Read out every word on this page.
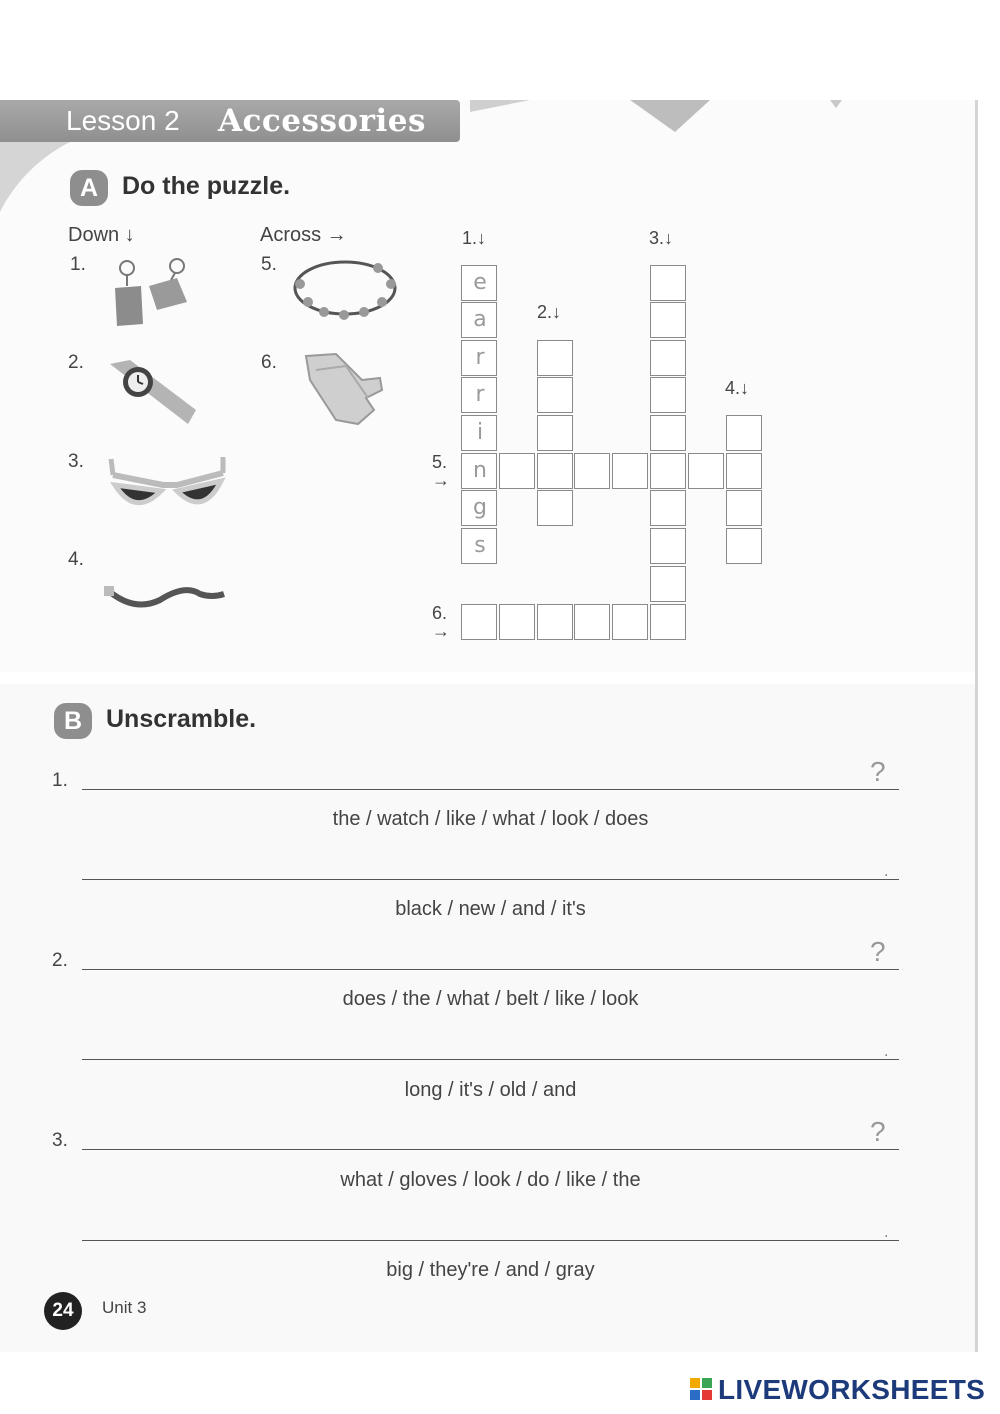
Lesson 2 Accessories
A Do the puzzle.
Down ↓	Across →
1.
2.
3.
4.
5.
6.
1.↓
2.↓
3.↓
4.↓
5.
→
6.
→
e
a
r
r
i
n
g
s
B Unscramble.
1.	?
the / watch / like / what / look / does
.
black / new / and / it's
2.	?
does / the / what / belt / like / look
.
long / it's / old / and
3.	?
what / gloves / look / do / like / the
.
big / they're / and / gray
24	Unit 3
LIVEWORKSHEETS
